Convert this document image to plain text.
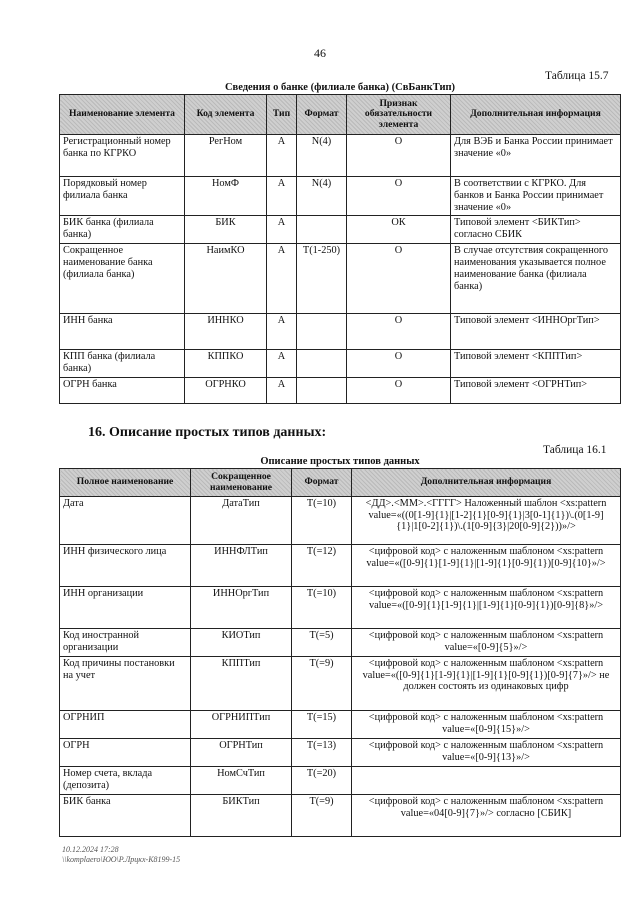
46
Таблица 15.7
Сведения о банке (филиале банка) (СвБанкТип)
Наименование элемента	Код элемента	Тип	Формат	Признак обязательности элемента	Дополнительная информация
Регистрационный номер банка по КГРКО	РегНом	А	N(4)	О	Для ВЭБ и Банка России принимает значение «0»
Порядковый номер филиала банка	НомФ	А	N(4)	О	В соответствии с КГРКО. Для банков и Банка России принимает значение «0»
БИК банка (филиала банка)	БИК	А		ОК	Типовой элемент <БИКТип> согласно СБИК
Сокращенное наименование банка (филиала банка)	НаимКО	А	T(1-250)	О	В случае отсутствия сокращенного наименования указывается полное наименование банка (филиала банка)
ИНН банка	ИННКО	А		О	Типовой элемент <ИННОргТип>
КПП банка (филиала банка)	КППКО	А		О	Типовой элемент <КППТип>
ОГРН банка	ОГРНКО	А		О	Типовой элемент <ОГРНТип>
16. Описание простых типов данных:
Таблица 16.1
Описание простых типов данных
Полное наименование	Сокращенное наименование	Формат	Дополнительная информация
Дата	ДатаТип	Т(=10)	<ДД>.<ММ>.<ГГГГ> Наложенный шаблон <xs:pattern value=«((0[1-9]{1}|[1-2]{1}[0-9]{1}|3[0-1]{1})\.(0[1-9]{1}|1[0-2]{1})\.(1[0-9]{3}|20[0-9]{2}))»/>
ИНН физического лица	ИННФЛТип	T(=12)	<цифровой код> с наложенным шаблоном <xs:pattern value=«([0-9]{1}[1-9]{1}|[1-9]{1}[0-9]{1})[0-9]{10}»/>
ИНН организации	ИННОргТип	Т(=10)	<цифровой код> с наложенным шаблоном <xs:pattern value=«([0-9]{1}[1-9]{1}|[1-9]{1}[0-9]{1})[0-9]{8}»/>
Код иностранной организации	КИОТип	Т(=5)	<цифровой код> с наложенным шаблоном <xs:pattern value=«[0-9]{5}»/>
Код причины постановки на учет	КППТип	Т(=9)	<цифровой код> с наложенным шаблоном <xs:pattern value=«([0-9]{1}[1-9]{1}|[1-9]{1}[0-9]{1})[0-9]{7}»/> не должен состоять из одинаковых цифр
ОГРНИП	ОГРНИПТип	Т(=15)	<цифровой код> с наложенным шаблоном <xs:pattern value=«[0-9]{15}»/>
ОГРН	ОГРНТип	Т(=13)	<цифровой код> с наложенным шаблоном <xs:pattern value=«[0-9]{13}»/>
Номер счета, вклада (депозита)	НомСчТип	Т(=20)	
БИК банка	БИКТип	Т(=9)	<цифровой код> с наложенным шаблоном <xs:pattern value=«04[0-9]{7}»/> согласно [СБИК]
10.12.2024 17:28
\\komplaero\ЮО\Р.Лрцкх-К8199-15
